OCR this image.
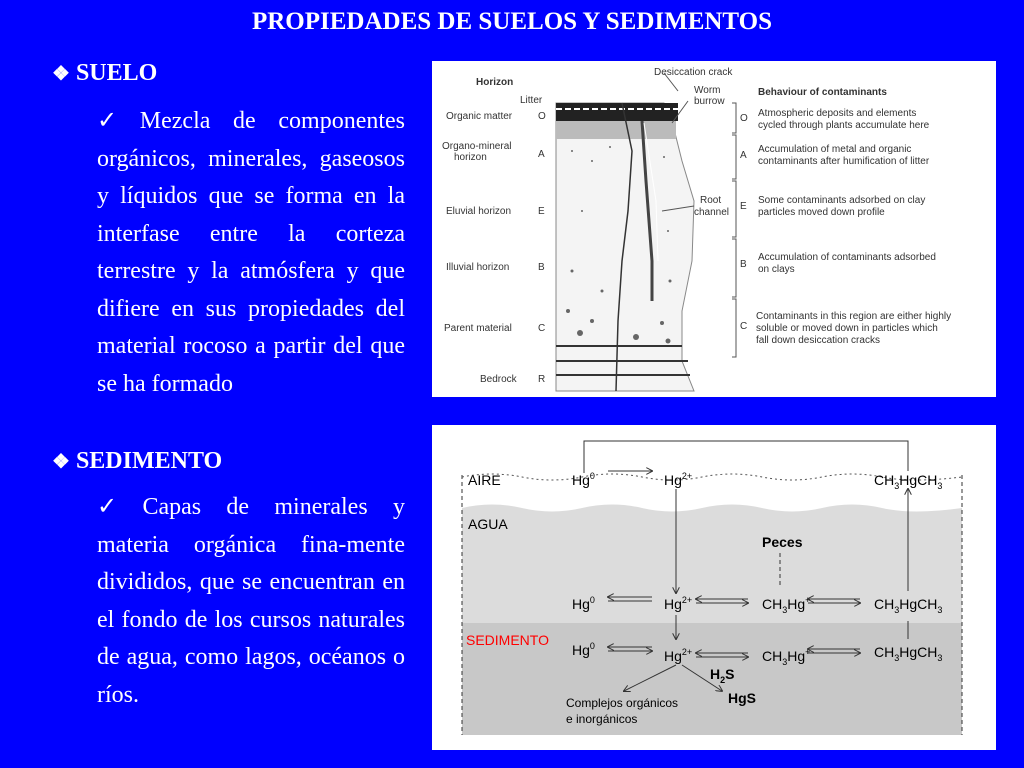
PROPIEDADES DE SUELOS Y SEDIMENTOS
❖ SUELO
✓ Mezcla de componentes orgánicos, minerales, gaseosos y líquidos que se forma en la interfase entre la corteza terrestre y la atmósfera y que difiere en sus propiedades del material rocoso a partir del que se ha formado
❖ SEDIMENTO
✓ Capas de minerales y materia orgánica fina-mente divididos, que se encuentran en el fondo de los cursos naturales de agua, como lagos, océanos o ríos.
Horizon
Litter
Desiccation crack
Worm
burrow
Root
channel
Behaviour of contaminants
Organic matter
Organo-mineral
horizon
Eluvial horizon
Illuvial horizon
Parent material
Bedrock
O
A
E
B
C
R
O
A
E
B
C
Atmospheric deposits and elements
cycled through plants accumulate here
Accumulation of metal and organic
contaminants after humification of litter
Some contaminants adsorbed on clay
particles moved down profile
Accumulation of contaminants adsorbed
on clays
Contaminants in this region are either highly
soluble or moved down in particles which
fall down desiccation cracks
AIRE
AGUA
SEDIMENTO
Peces
Hg$^0$	$Hg^{2+}$	$CH_3HgCH_3$
Hg$^0$	$Hg^{2+}$	$CH_3Hg^+$	$CH_3HgCH_3$
Hg$^0$
$Hg^{2+}$	$CH_3Hg^+$	$CH_3HgCH_3$
$H_2S$
HgS
Complejos orgánicos
e inorgánicos
